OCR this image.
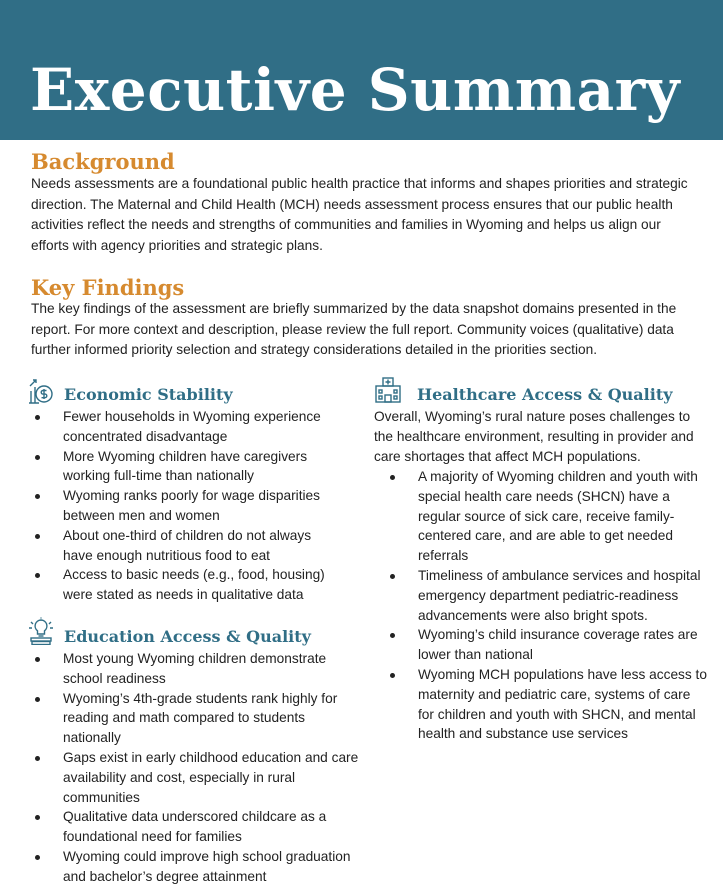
Executive Summary
Background

Needs assessments are a foundational public health practice that informs and shapes priorities and strategic direction. The Maternal and Child Health (MCH) needs assessment process ensures that our public health activities reflect the needs and strengths of communities and families in Wyoming and helps us align our efforts with agency priorities and strategic plans.

Key Findings

The key findings of the assessment are briefly summarized by the data snapshot domains presented in the report. For more context and description, please review the full report. Community voices (qualitative) data further informed priority selection and strategy considerations detailed in the priorities section.

Economic Stability
Fewer households in Wyoming experience concentrated disadvantage
More Wyoming children have caregivers working full-time than nationally
Wyoming ranks poorly for wage disparities between men and women
About one-third of children do not always have enough nutritious food to eat
Access to basic needs (e.g., food, housing) were stated as needs in qualitative data
Education Access & Quality
Most young Wyoming children demonstrate school readiness
Wyoming’s 4th-grade students rank highly for reading and math compared to students nationally
Gaps exist in early childhood education and care availability and cost, especially in rural communities
Qualitative data underscored childcare as a foundational need for families
Wyoming could improve high school graduation and bachelor’s degree attainment
Healthcare Access & Quality

Overall, Wyoming’s rural nature poses challenges to the healthcare environment, resulting in provider and care shortages that affect MCH populations.

A majority of Wyoming children and youth with special health care needs (SHCN) have a regular source of sick care, receive family-centered care, and are able to get needed referrals
Timeliness of ambulance services and hospital emergency department pediatric-readiness advancements were also bright spots.
Wyoming’s child insurance coverage rates are lower than national
Wyoming MCH populations have less access to maternity and pediatric care, systems of care for children and youth with SHCN, and mental health and substance use services
